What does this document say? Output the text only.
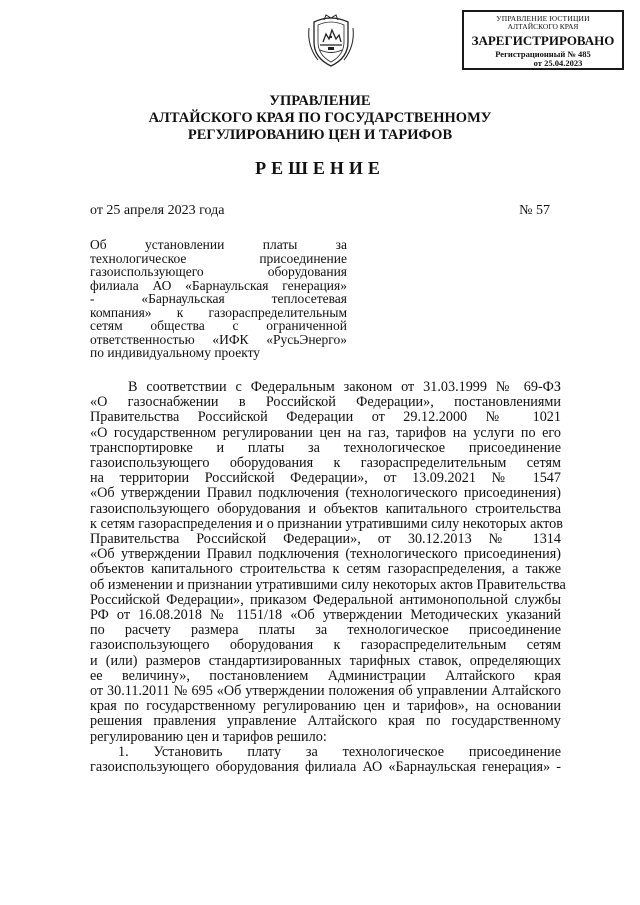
УПРАВЛЕНИЕ ЮСТИЦИИ
АЛТАЙСКОГО КРАЯ
ЗАРЕГИСТРИРОВАНО
Регистрационный № 485
от 25.04.2023
УПРАВЛЕНИЕ
АЛТАЙСКОГО КРАЯ ПО ГОСУДАРСТВЕННОМУ
РЕГУЛИРОВАНИЮ ЦЕН И ТАРИФОВ
РЕШЕНИЕ
от 25 апреля 2023 года	№ 57
Об установлении платы за
технологическое присоединение
газоиспользующего оборудования
филиала АО «Барнаульская генерация»
- «Барнаульская теплосетевая
компания» к газораспределительным
сетям общества с ограниченной
ответственностью «ИФК «РусьЭнерго»
по индивидуальному проекту
В соответствии с Федеральным законом от 31.03.1999 № 69-ФЗ
«О газоснабжении в Российской Федерации», постановлениями
Правительства Российской Федерации от 29.12.2000 № 1021
«О государственном регулировании цен на газ, тарифов на услуги по его
транспортировке и платы за технологическое присоединение
газоиспользующего оборудования к газораспределительным сетям
на территории Российской Федерации», от 13.09.2021 № 1547
«Об утверждении Правил подключения (технологического присоединения)
газоиспользующего оборудования и объектов капитального строительства
к сетям газораспределения и о признании утратившими силу некоторых актов
Правительства Российской Федерации», от 30.12.2013 № 1314
«Об утверждении Правил подключения (технологического присоединения)
объектов капитального строительства к сетям газораспределения, а также
об изменении и признании утратившими силу некоторых актов Правительства
Российской Федерации», приказом Федеральной антимонопольной службы
РФ от 16.08.2018 № 1151/18 «Об утверждении Методических указаний
по расчету размера платы за технологическое присоединение
газоиспользующего оборудования к газораспределительным сетям
и (или) размеров стандартизированных тарифных ставок, определяющих
ее величину», постановлением Администрации Алтайского края
от 30.11.2011 № 695 «Об утверждении положения об управлении Алтайского
края по государственному регулированию цен и тарифов», на основании
решения правления управление Алтайского края по государственному
регулированию цен и тарифов решило:
1. Установить плату за технологическое присоединение
газоиспользующего оборудования филиала АО «Барнаульская генерация» -
